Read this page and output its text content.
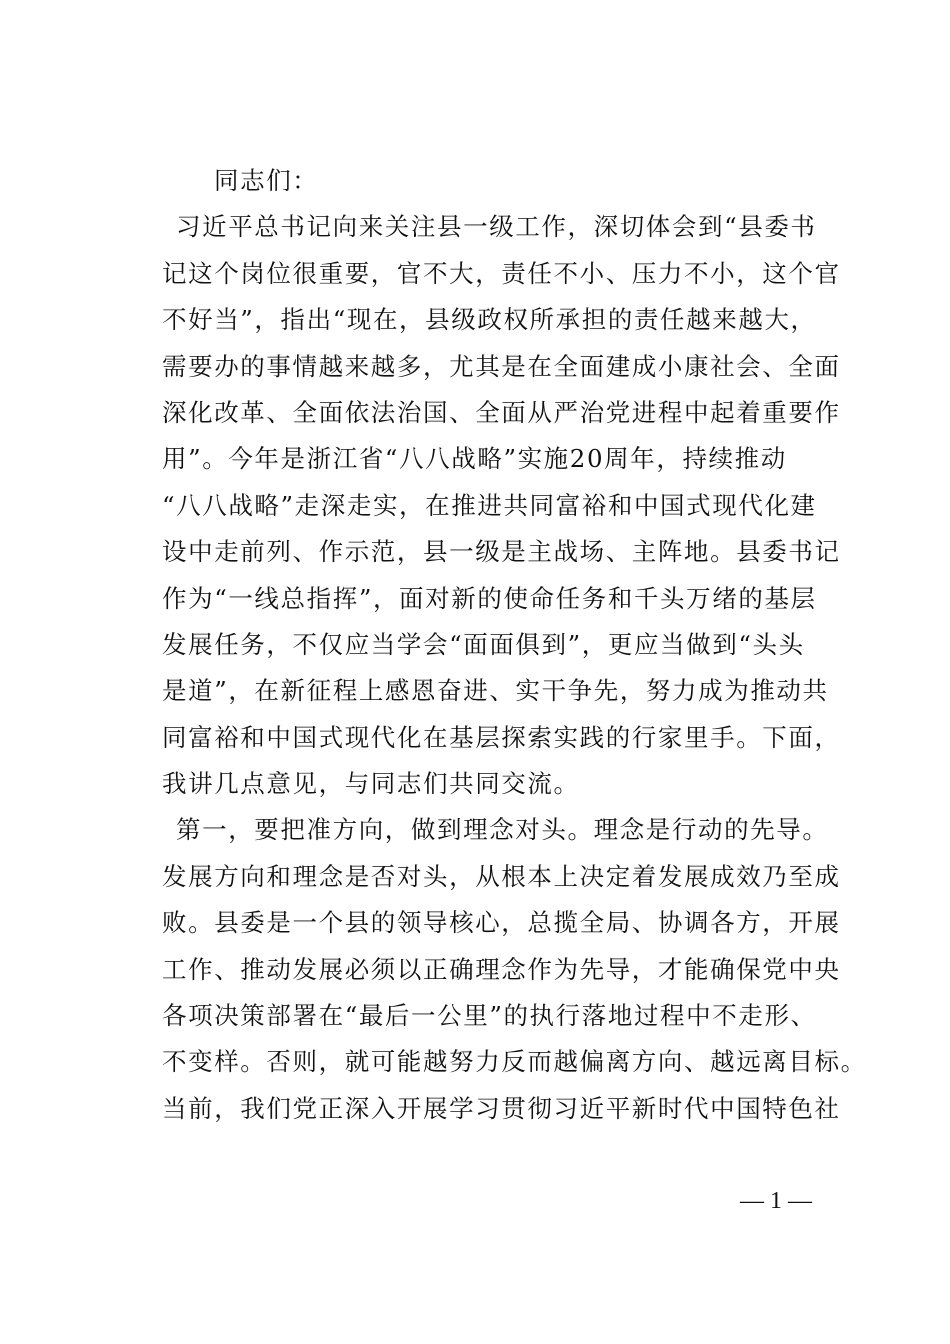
同志们：
习近平总书记向来关注县一级工作，深切体会到“县委书
记这个岗位很重要，官不大，责任不小、压力不小，这个官
不好当”，指出“现在，县级政权所承担的责任越来越大，
需要办的事情越来越多，尤其是在全面建成小康社会、全面
深化改革、全面依法治国、全面从严治党进程中起着重要作
用”。今年是浙江省“八八战略”实施20周年，持续推动
“八八战略”走深走实，在推进共同富裕和中国式现代化建
设中走前列、作示范，县一级是主战场、主阵地。县委书记
作为“一线总指挥”，面对新的使命任务和千头万绪的基层
发展任务，不仅应当学会“面面俱到”，更应当做到“头头
是道”，在新征程上感恩奋进、实干争先，努力成为推动共
同富裕和中国式现代化在基层探索实践的行家里手。下面，
我讲几点意见，与同志们共同交流。
第一，要把准方向，做到理念对头。理念是行动的先导。
发展方向和理念是否对头，从根本上决定着发展成效乃至成
败。县委是一个县的领导核心，总揽全局、协调各方，开展
工作、推动发展必须以正确理念作为先导，才能确保党中央
各项决策部署在“最后一公里”的执行落地过程中不走形、
不变样。否则，就可能越努力反而越偏离方向、越远离目标。
当前，我们党正深入开展学习贯彻习近平新时代中国特色社
— 1 —
